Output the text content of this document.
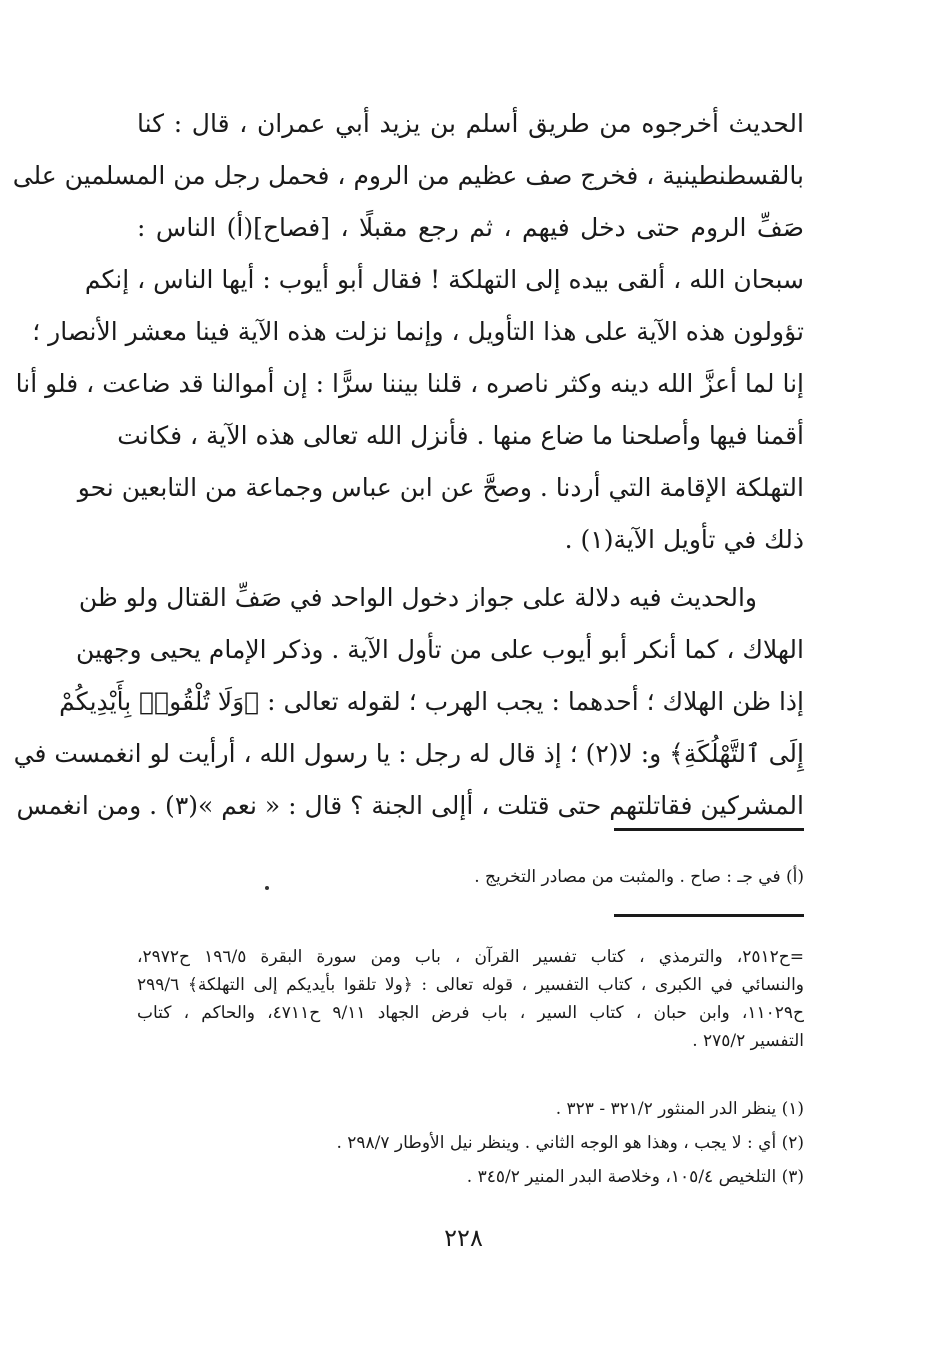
الحديث أخرجوه من طريق أسلم بن يزيد أبي عمران ، قال : كنا
بالقسطنطينية ، فخرج صف عظيم من الروم ، فحمل رجل من المسلمين على
صَفِّ الروم حتى دخل فيهم ، ثم رجع مقبلًا ، [فصاح](أ) الناس :
سبحان الله ، ألقى بيده إلى التهلكة ! فقال أبو أيوب : أيها الناس ، إنكم
تؤولون هذه الآية على هذا التأويل ، وإنما نزلت هذه الآية فينا معشر الأنصار ؛
إنا لما أعزَّ الله دينه وكثر ناصره ، قلنا بيننا سرًّا : إن أموالنا قد ضاعت ، فلو أنا
أقمنا فيها وأصلحنا ما ضاع منها . فأنزل الله تعالى هذه الآية ، فكانت
التهلكة الإقامة التي أردنا . وصحَّ عن ابن عباس وجماعة من التابعين نحو
ذلك في تأويل الآية(١) .
والحديث فيه دلالة على جواز دخول الواحد في صَفِّ القتال ولو ظن
الهلاك ، كما أنكر أبو أيوب على من تأول الآية . وذكر الإمام يحيى وجهين
إذا ظن الهلاك ؛ أحدهما : يجب الهرب ؛ لقوله تعالى : ﴿وَلَا تُلْقُوا۟ بِأَيْدِيكُمْ
إِلَى ٱلتَّهْلُكَةِ﴾ و: لا(٢) ؛ إذ قال له رجل : يا رسول الله ، أرأيت لو انغمست في
المشركين فقاتلتهم حتى قتلت ، أإلى الجنة ؟ قال : « نعم »(٣) . ومن انغمس
(أ) في جـ : صاح . والمثبت من مصادر التخريج .
=ح٢٥١٢، والترمذي ، كتاب تفسير القرآن ، باب ومن سورة البقرة ١٩٦/٥ ح٢٩٧٢،
والنسائي في الكبرى ، كتاب التفسير ، قوله تعالى : ﴿ولا تلقوا بأيديكم إلى التهلكة﴾ ٢٩٩/٦
ح١١٠٢٩، وابن حبان ، كتاب السير ، باب فرض الجهاد ٩/١١ ح٤٧١١، والحاكم ، كتاب
التفسير ٢٧٥/٢ .
(١) ينظر الدر المنثور ٣٢١/٢ - ٣٢٣ .
(٢) أي : لا يجب ، وهذا هو الوجه الثاني . وينظر نيل الأوطار ٢٩٨/٧ .
(٣) التلخيص ١٠٥/٤، وخلاصة البدر المنير ٣٤٥/٢ .
٢٢٨
